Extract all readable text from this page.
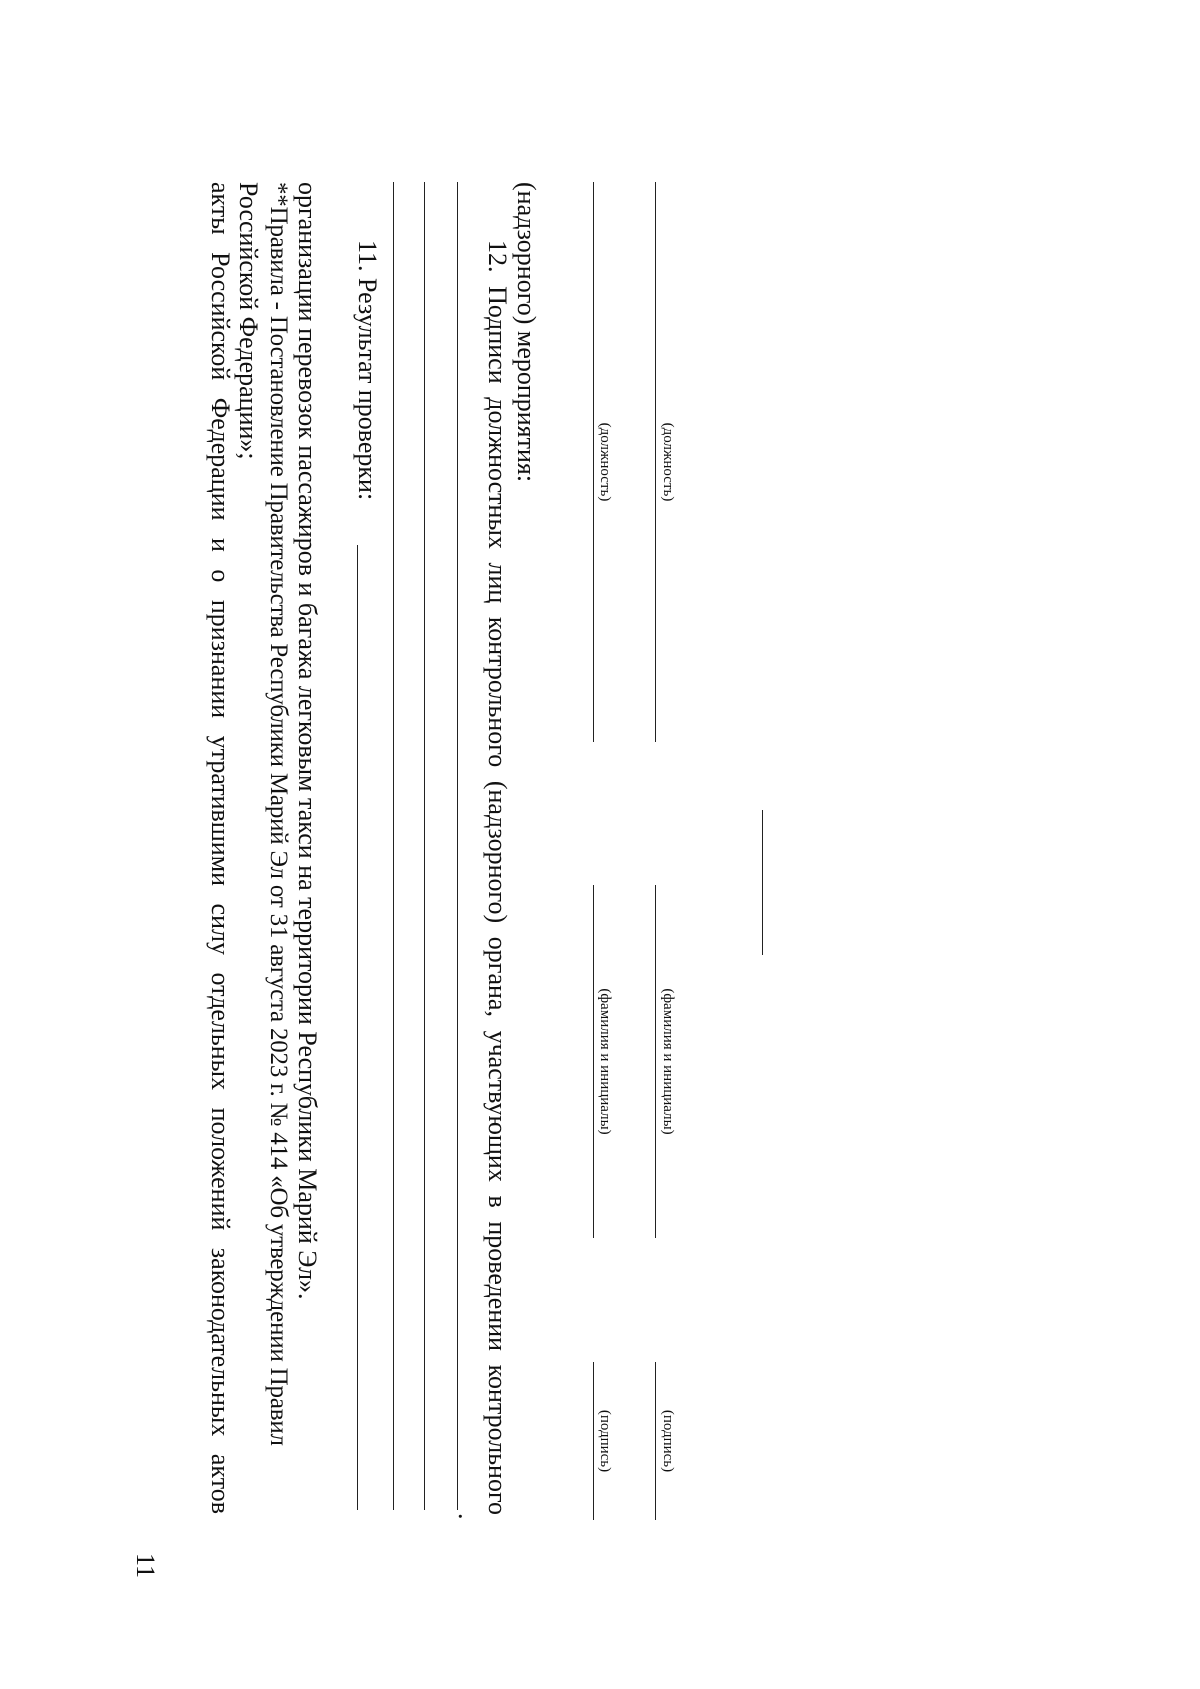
11
акты Российской Федерации и о признании утратившими силу отдельных положений законодательных актов Российской Федерации»; **Правила - Постановление Правительства Республики Марий Эл от 31 августа 2023 г. № 414 «Об утверждении Правил организации перевозок пассажиров и багажа легковым такси на территории Республики Марий Эл». 11. Результат проверки:
.
12. Подписи должностных лиц контрольного (надзорного) органа, участвующих в проведении контрольного (надзорного) мероприятия:	(должность)
(фамилия и инициалы)
(подпись)
(должность)
(фамилия и инициалы)
(подпись)
